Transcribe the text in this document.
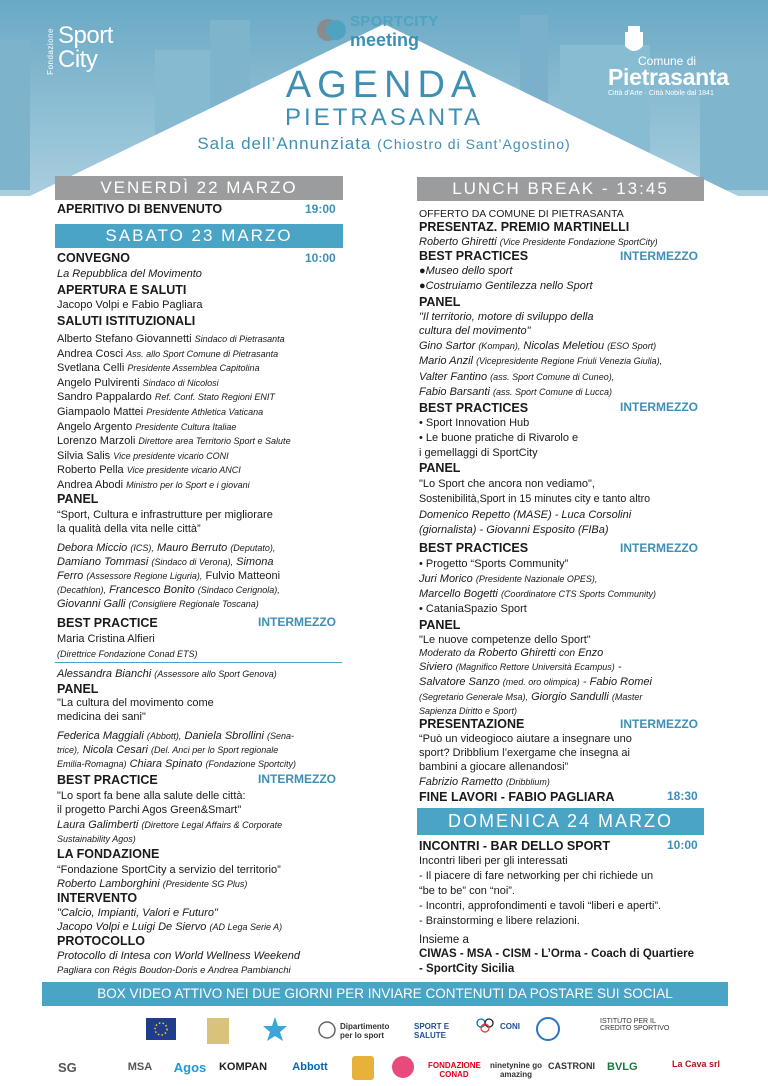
Fondazione Sport
City
SPORTCITY
meeting
AGENDA
PIETRASANTA
Sala dell’Annunziata (Chiostro di Sant’Agostino)
Comune di
Pietrasanta
Città d’Arte · Città Nobile dal 1841
VENERDÌ 22 MARZO
APERITIVO DI BENVENUTO	19:00
SABATO 23 MARZO
CONVEGNO	10:00
La Repubblica del Movimento
APERTURA E SALUTI
Jacopo Volpi e Fabio Pagliara
SALUTI ISTITUZIONALI
Alberto Stefano Giovannetti Sindaco di Pietrasanta
Andrea Cosci Ass. allo Sport Comune di Pietrasanta
Svetlana Celli Presidente Assemblea Capitolina
Angelo Pulvirenti Sindaco di Nicolosi
Sandro Pappalardo Ref. Conf. Stato Regioni ENIT
Giampaolo Mattei Presidente Athletica Vaticana
Angelo Argento Presidente Cultura Italiae
Lorenzo Marzoli Direttore area Territorio Sport e Salute
Silvia Salis Vice presidente vicario CONI
Roberto Pella Vice presidente vicario ANCI
Andrea Abodi Ministro per lo Sport e i giovani
PANEL
“Sport, Cultura e infrastrutture per migliorare
la qualità della vita nelle città”
Debora Miccio (ICS), Mauro Berruto (Deputato),
Damiano Tommasi (Sindaco di Verona), Simona
Ferro (Assessore Regione Liguria), Fulvio Matteoni
(Decathlon), Francesco Bonito (Sindaco Cerignola),
Giovanni Galli (Consigliere Regionale Toscana)
BEST PRACTICE	INTERMEZZO
Maria Cristina Alfieri
(Direttrice Fondazione Conad ETS)
Alessandra Bianchi (Assessore allo Sport Genova)
PANEL
"La cultura del movimento come
medicina dei sani"
Federica Maggiali (Abbott), Daniela Sbrollini (Sena-
trice), Nicola Cesari (Del. Anci per lo Sport regionale
Emilia-Romagna) Chiara Spinato (Fondazione Sportcity)
BEST PRACTICE	INTERMEZZO
"Lo sport fa bene alla salute delle città:
il progetto Parchi Agos Green&Smart"
Laura Galimberti (Direttore Legal Affairs & Corporate
Sustainability Agos)
LA FONDAZIONE
“Fondazione SportCity a servizio del territorio”
Roberto Lamborghini (Presidente SG Plus)
INTERVENTO
"Calcio, Impianti, Valori e Futuro"
Jacopo Volpi e Luigi De Siervo (AD Lega Serie A)
PROTOCOLLO
Protocollo di Intesa con World Wellness Weekend
Pagliara con Régis Boudon-Doris e Andrea Pambianchi
LUNCH BREAK - 13:45
OFFERTO DA COMUNE DI PIETRASANTA
PRESENTAZ. PREMIO MARTINELLI
Roberto Ghiretti (Vice Presidente Fondazione SportCity)
BEST PRACTICES	INTERMEZZO
●Museo dello sport
●Costruiamo Gentilezza nello Sport
PANEL
"Il territorio, motore di sviluppo della
cultura del movimento"
Gino Sartor (Kompan), Nicolas Meletiou (ESO Sport)
Mario Anzil (Vicepresidente Regione Friuli Venezia Giulia),
Valter Fantino (ass. Sport Comune di Cuneo),
Fabio Barsanti (ass. Sport Comune di Lucca)
BEST PRACTICES	INTERMEZZO
• Sport Innovation Hub
• Le buone pratiche di Rivarolo e
i gemellaggi di SportCity
PANEL
"Lo Sport che ancora non vediamo",
Sostenibilità,Sport in 15 minutes city e tanto altro
Domenico Repetto (MASE) - Luca Corsolini
(giornalista) - Giovanni Esposito (FIBa)
BEST PRACTICES	INTERMEZZO
• Progetto “Sports Community”
Juri Morico (Presidente Nazionale OPES),
Marcello Bogetti (Coordinatore CTS Sports Community)
• CataniaSpazio Sport
PANEL
"Le nuove competenze dello Sport"
Moderato da Roberto Ghiretti con Enzo
Siviero (Magnifico Rettore Università Ecampus) -
Salvatore Sanzo (med. oro olimpica) - Fabio Romei
(Segretario Generale Msa), Giorgio Sandulli (Master
Sapienza Diritto e Sport)
PRESENTAZIONE	INTERMEZZO
“Può un videogioco aiutare a insegnare uno
sport? Dribblium l’exergame che insegna ai
bambini a giocare allenandosi”
Fabrizio Rametto (Dribblium)
FINE LAVORI - FABIO PAGLIARA	18:30
DOMENICA 24 MARZO
INCONTRI - BAR DELLO SPORT	10:00
Incontri liberi per gli interessati
- Il piacere di fare networking per chi richiede un
“be to be” con “noi”.
- Incontri, approfondimenti e tavoli “liberi e aperti”.
- Brainstorming e libere relazioni.
Insieme a
CIWAS - MSA - CISM - L’Orma - Coach di Quartiere
- SportCity Sicilia
BOX VIDEO ATTIVO NEI DUE GIORNI PER INVIARE CONTENUTI DA POSTARE SUI SOCIAL
Dipartimento per lo sport
SPORT E SALUTE
CONI
ISTITUTO PER IL CREDITO SPORTIVO
SG	MSA Agos	KOMPAN	Abbott	FONDAZIONE CONAD
ninetynine go amazing
CASTRONI BVLG	La Cava srl
